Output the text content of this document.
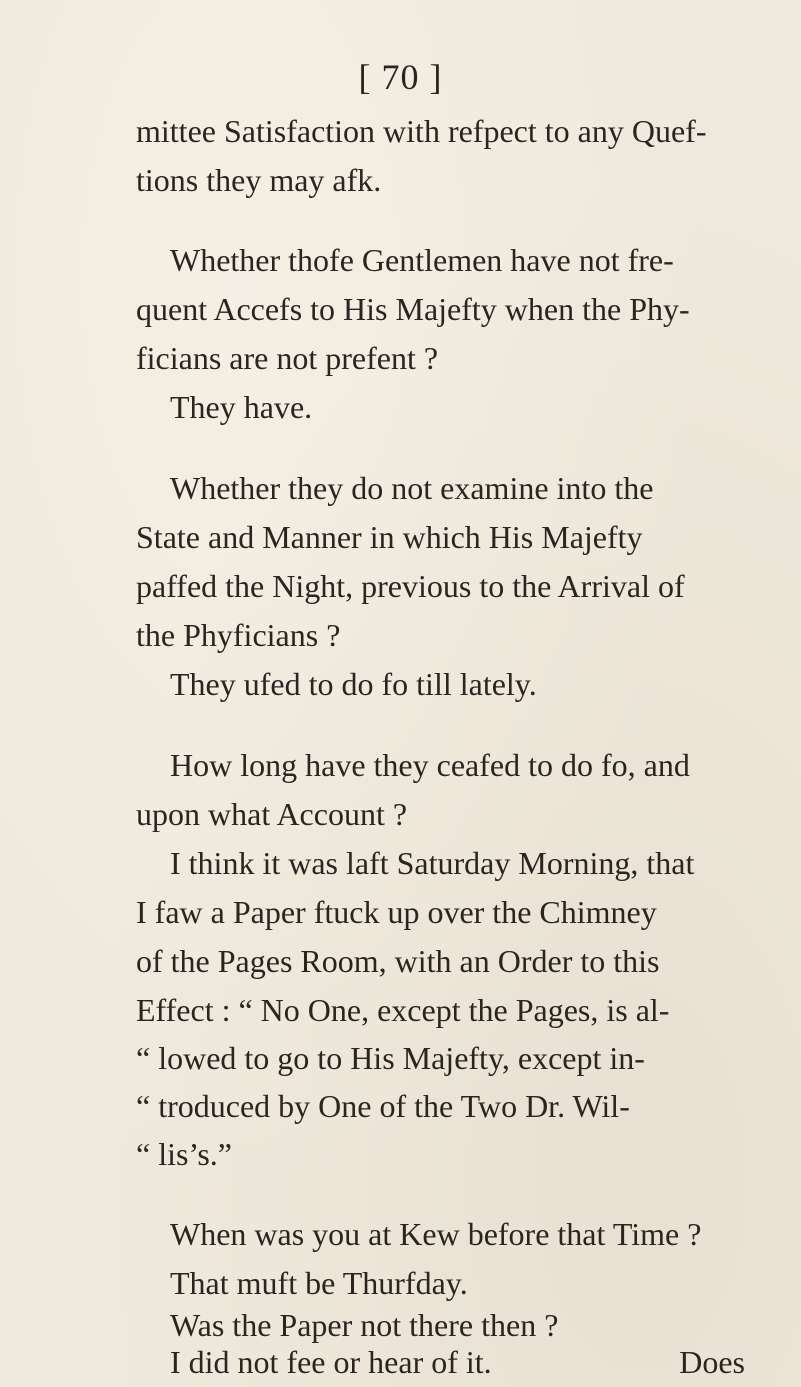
[ 70 ]
mittee Satisfaction with refpect to any Quef-
tions they may afk.
Whether thofe Gentlemen have not fre-
quent Accefs to His Majefty when the Phy-
ficians are not prefent ?
They have.
Whether they do not examine into the
State and Manner in which His Majefty
paffed the Night, previous to the Arrival of
the Phyficians ?
They ufed to do fo till lately.
How long have they ceafed to do fo, and
upon what Account ?
I think it was laft Saturday Morning, that
I faw a Paper ftuck up over the Chimney
of the Pages Room, with an Order to this
Effect : “ No One, except the Pages, is al-
“ lowed to go to His Majefty, except in-
“ troduced by One of the Two Dr. Wil-
“ lis’s.”
When was you at Kew before that Time ?
That muft be Thurfday.
Does
Was the Paper not there then ?
I did not fee or hear of it.
